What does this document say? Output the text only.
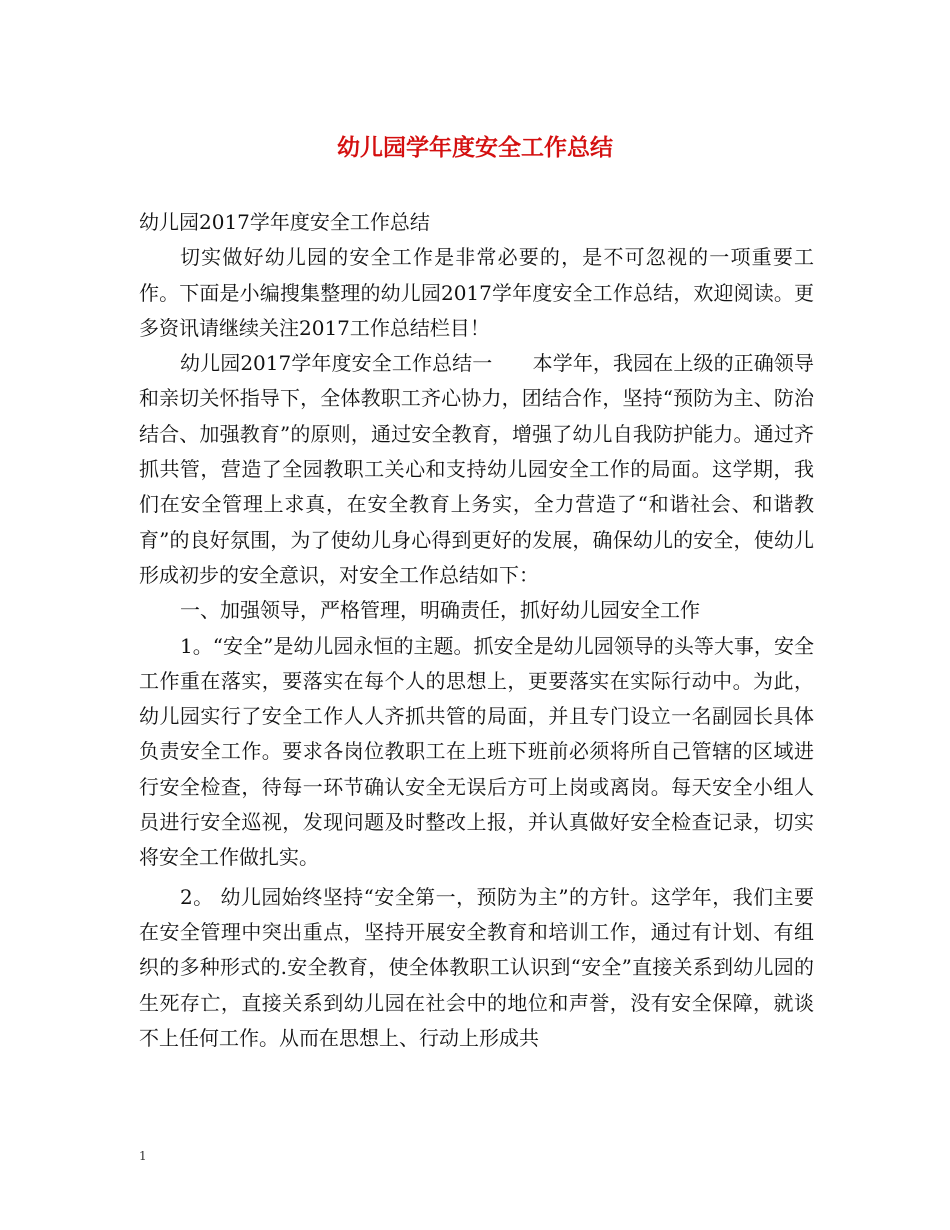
幼儿园学年度安全工作总结

幼儿园2017学年度安全工作总结

切实做好幼儿园的安全工作是非常必要的，是不可忽视的一项重要工作。下面是小编搜集整理的幼儿园2017学年度安全工作总结，欢迎阅读。更多资讯请继续关注2017工作总结栏目！

幼儿园2017学年度安全工作总结一　　本学年，我园在上级的正确领导和亲切关怀指导下，全体教职工齐心协力，团结合作，坚持“预防为主、防治结合、加强教育”的原则，通过安全教育，增强了幼儿自我防护能力。通过齐抓共管，营造了全园教职工关心和支持幼儿园安全工作的局面。这学期，我们在安全管理上求真，在安全教育上务实，全力营造了“和谐社会、和谐教育”的良好氛围，为了使幼儿身心得到更好的发展，确保幼儿的安全，使幼儿形成初步的安全意识，对安全工作总结如下：

一、加强领导，严格管理，明确责任，抓好幼儿园安全工作

1。“安全”是幼儿园永恒的主题。抓安全是幼儿园领导的头等大事，安全工作重在落实，要落实在每个人的思想上，更要落实在实际行动中。为此，幼儿园实行了安全工作人人齐抓共管的局面，并且专门设立一名副园长具体负责安全工作。要求各岗位教职工在上班下班前必须将所自己管辖的区域进行安全检查，待每一环节确认安全无误后方可上岗或离岗。每天安全小组人员进行安全巡视，发现问题及时整改上报，并认真做好安全检查记录，切实将安全工作做扎实。

2。 幼儿园始终坚持“安全第一，预防为主”的方针。这学年，我们主要在安全管理中突出重点，坚持开展安全教育和培训工作，通过有计划、有组织的多种形式的.安全教育，使全体教职工认识到“安全”直接关系到幼儿园的生死存亡，直接关系到幼儿园在社会中的地位和声誉，没有安全保障，就谈不上任何工作。从而在思想上、行动上形成共

1
